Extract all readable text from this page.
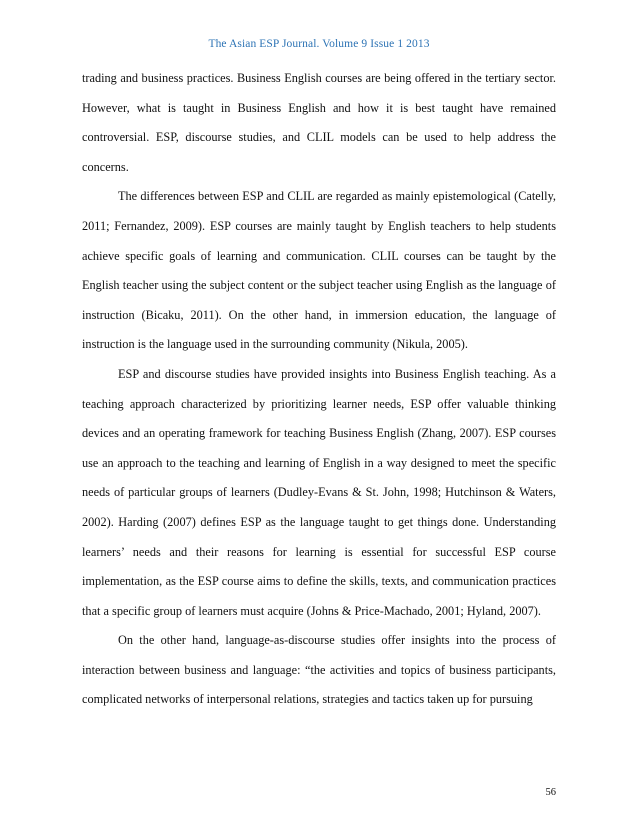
The Asian ESP Journal. Volume 9 Issue 1 2013

trading and business practices. Business English courses are being offered in the tertiary sector. However, what is taught in Business English and how it is best taught have remained controversial. ESP, discourse studies, and CLIL models can be used to help address the concerns.

The differences between ESP and CLIL are regarded as mainly epistemological (Catelly, 2011; Fernandez, 2009). ESP courses are mainly taught by English teachers to help students achieve specific goals of learning and communication. CLIL courses can be taught by the English teacher using the subject content or the subject teacher using English as the language of instruction (Bicaku, 2011). On the other hand, in immersion education, the language of instruction is the language used in the surrounding community (Nikula, 2005).

ESP and discourse studies have provided insights into Business English teaching. As a teaching approach characterized by prioritizing learner needs, ESP offer valuable thinking devices and an operating framework for teaching Business English (Zhang, 2007). ESP courses use an approach to the teaching and learning of English in a way designed to meet the specific needs of particular groups of learners (Dudley-Evans & St. John, 1998; Hutchinson & Waters, 2002). Harding (2007) defines ESP as the language taught to get things done. Understanding learners’ needs and their reasons for learning is essential for successful ESP course implementation, as the ESP course aims to define the skills, texts, and communication practices that a specific group of learners must acquire (Johns & Price-Machado, 2001; Hyland, 2007).

On the other hand, language-as-discourse studies offer insights into the process of interaction between business and language: “the activities and topics of business participants, complicated networks of interpersonal relations, strategies and tactics taken up for pursuing

56
